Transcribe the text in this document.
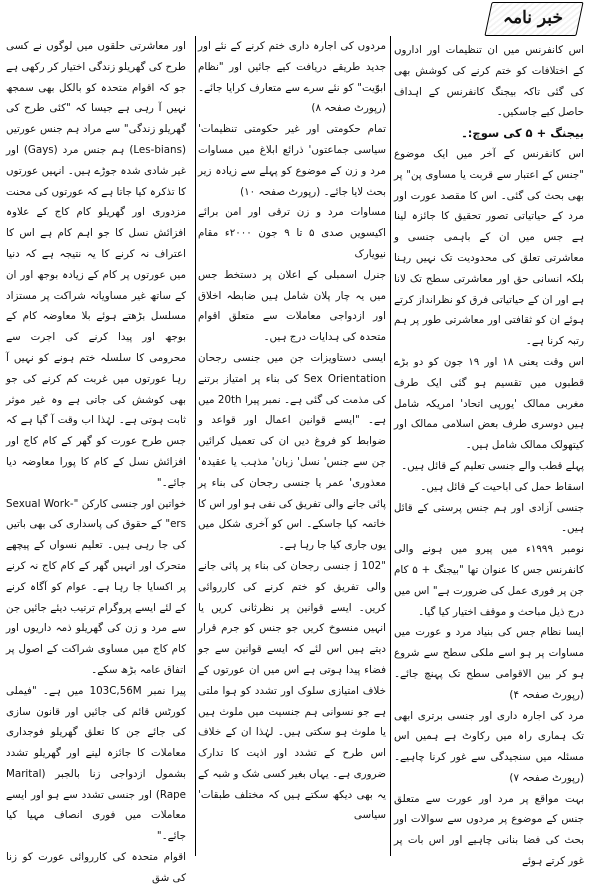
خبر نامہ

اس کانفرنس میں ان تنظیمات اور اداروں کے اختلافات کو ختم کرنے کی کوشش بھی کی گئی تاکہ بیجنگ کانفرنس کے اہداف حاصل کیے جاسکیں۔

بیجنگ + ۵ کی سوچ:۔

اس کانفرنس کے آخر میں ایک موضوع "جنس کے اعتبار سے قربت یا مساوی پن" پر بھی بحث کی گئی۔ اس کا مقصد عورت اور مرد کے حیاتیاتی تصور تحقیق کا جائزہ لینا ہے جس میں ان کے باہمی جنسی و معاشرتی تعلق کی محدودیت تک نہیں رہنا بلکہ انسانی حق اور معاشرتی سطح تک لانا ہے اور ان کے حیاتیاتی فرق کو نظرانداز کرتے ہوئے ان کو ثقافتی اور معاشرتی طور پر ہم رتبہ کرنا ہے۔

اس وقت یعنی ۱۸ اور ۱۹ جون کو دو بڑے قطبوں میں تقسیم ہو گئی ایک طرف مغربی ممالک 'یورپی اتحاد' امریکہ شامل ہیں دوسری طرف بعض اسلامی ممالک اور کیتھولک ممالک شامل ہیں۔

پہلے قطب والے جنسی تعلیم کے قائل ہیں۔

اسقاط حمل کی اباحیت کے قائل ہیں۔

جنسی آزادی اور ہم جنس پرستی کے قائل ہیں۔

نومبر ۱۹۹۹ء میں پیرو میں ہونے والی کانفرنس جس کا عنوان تھا "بیجنگ + ۵ کام جن پر فوری عمل کی ضرورت ہے" اس میں درج ذیل مباحث و موقف اختیار کیا گیا۔

ایسا نظام جس کی بنیاد مرد و عورت میں مساوات پر ہو اسے ملکی سطح سے شروع ہو کر بین الاقوامی سطح تک پہنچ جائے۔ (رپورٹ صفحہ ۴)

مرد کی اجارہ داری اور جنسی برتری ابھی تک ہماری راہ میں رکاوٹ ہے ہمیں اس مسئلہ میں سنجیدگی سے غور کرنا چاہیے۔ (رپورٹ صفحہ ۷)

بہت مواقع پر مرد اور عورت سے متعلق جنس کے موضوع پر مردوں سے سوالات اور بحث کی فضا بنانی چاہیے اور اس بات پر غور کرتے ہوئے

مردوں کی اجارہ داری ختم کرنے کے نئے اور جدید طریقے دریافت کیے جائیں اور "نظام ابوّیت" کو نئے سرے سے متعارف کرایا جائے۔ (رپورٹ صفحہ ۸)

تمام حکومتی اور غیر حکومتی تنظیمات' سیاسی جماعتوں' ذرائع ابلاغ میں مساوات مرد و زن کے موضوع کو پہلے سے زیادہ زیر بحث لایا جائے۔ (رپورٹ صفحہ ۱۰)

مساوات مرد و زن ترقی اور امن برائے اکیسویں صدی ۵ تا ۹ جون ۲۰۰۰ء مقام نیویارک

جنرل اسمبلی کے اعلان پر دستخط جس میں یہ چار پلان شامل ہیں ضابطہ اخلاق اور ازدواجی معاملات سے متعلق اقوام متحدہ کی ہدایات درج ہیں۔

ایسی دستاویزات جن میں جنسی رجحان Sex Orientation کی بناء پر امتیاز برتنے کی مذمت کی گئی ہے۔ نمبر پیرا 20th میں ہے۔ "ایسے قوانین اعمال اور قواعد و ضوابط کو فروغ دیں ان کی تعمیل کرائیں جن سے جنس' نسل' زبان' مذہب یا عقیدہ' معذوری' عمر یا جنسی رجحان کی بناء پر پائی جانے والی تفریق کی نفی ہو اور اس کا خاتمہ کیا جاسکے۔ اس کو آخری شکل میں یوں جاری کیا جا رہا ہے۔

"j 102 جنسی رجحان کی بناء پر پائی جانے والی تفریق کو ختم کرنے کی کارروائی کریں۔ ایسے قوانین پر نظرثانی کریں یا انہیں منسوخ کریں جو جنس کو جرم قرار دیتے ہیں اس لئے کہ ایسے قوانین سے جو فضاء پیدا ہوتی ہے اس میں ان عورتوں کے خلاف امتیازی سلوک اور تشدد کو ہوا ملتی ہے جو نسوانی ہم جنسیت میں ملوث ہیں یا ملوث ہو سکتی ہیں۔ لہٰذا ان کے خلاف اس طرح کے تشدد اور اذیت کا تدارک ضروری ہے۔ یہاں بغیر کسی شک و شبہ کے یہ بھی دیکھ سکتے ہیں کہ مختلف طبقات' سیاسی

اور معاشرتی حلقوں میں لوگوں نے کسی طرح کی گھریلو زندگی اختیار کر رکھی ہے جو کہ اقوام متحدہ کو بالکل بھی سمجھ نہیں آ رہی ہے جیسا کہ "کئی طرح کی گھریلو زندگی" سے مراد ہم جنس عورتیں (Les-bians) ہم جنس مرد (Gays) اور غیر شادی شدہ جوڑے ہیں۔ انہیں عورتوں کا تذکرہ کیا جاتا ہے کہ عورتوں کی محنت مزدوری اور گھریلو کام کاج کے علاوہ افزائش نسل کا جو اہم کام ہے اس کا اعتراف نہ کرنے کا یہ نتیجہ ہے کہ دنیا میں عورتوں پر کام کے زیادہ بوجھ اور ان کے ساتھ غیر مساویانہ شراکت پر مستزاد مسلسل بڑھتے ہوئے بلا معاوضہ کام کے بوجھ اور پیدا کرنے کی اجرت سے محرومی کا سلسلہ ختم ہونے کو نہیں آ رہا عورتوں میں غربت کم کرنے کی جو بھی کوشش کی جاتی ہے وہ غیر موثر ثابت ہوتی ہے۔ لہٰذا اب وقت آ گیا ہے کہ جس طرح عورت کو گھر کے کام کاج اور افزائش نسل کے کام کا پورا معاوضہ دیا جائے۔"

خواتین اور جنسی کارکن "Sexual Work-ers" کے حقوق کی پاسداری کی بھی باتیں کی جا رہی ہیں۔ تعلیم نسواں کے پیچھے متحرک اور انہیں گھر کے کام کاج نہ کرنے پر اکسایا جا رہا ہے۔ عوام کو آگاہ کرنے کے لئے ایسے پروگرام ترتیب دیئے جائیں جن سے مرد و زن کی گھریلو ذمہ داریوں اور کام کاج میں مساوی شراکت کے اصول پر اتفاق عامہ بڑھ سکے۔

پیرا نمبر 103C,56M میں ہے۔ "فیملی کورٹس قائم کی جائیں اور قانون سازی کی جائے جن کا تعلق گھریلو فوجداری معاملات کا جائزہ لینے اور گھریلو تشدد بشمول ازدواجی زنا بالجبر (Marital Rape) اور جنسی تشدد سے ہو اور ایسے معاملات میں فوری انصاف مہیا کیا جائے۔"

اقوام متحدہ کی کارروائی عورت کو زنا کی شق
